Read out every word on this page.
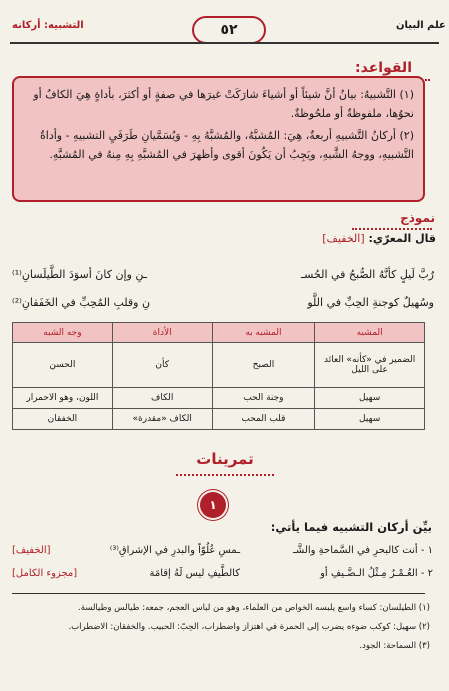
علم البيان
٥٢
التشبيه: أركانه
القواعد:
(١) التَّشبيهُ: بيانُ أنَّ شيئاً أو أشياءَ شارَكَتْ غيرَها في صفةٍ أو أكثرَ، بأداةٍ هِيَ الكافُ أو نحوُها، ملفوظةٌ أو ملحُوظةٌ.
(٢) أركانُ التَّشبيهِ أربعةٌ، هِيَ: المُشبَّهُ، والمُشبَّهُ بِهِ - وَيُسَمَّيانِ طَرَفَيِ التشبيهِ - وأداةُ التَّشبيهِ، ووجهُ الشَّبهِ، ويَجِبُ أن يَكُونَ أقوى وأظهرَ في المُشبَّهِ بِهِ مِنهُ في المُشبَّهِ.
نموذج
قال المعرّي: [الخفيف]
رُبَّ لَيلٍ كأنَّهُ الصُّبحُ في الحُسـ
ـنِ وإن كانَ أسوَدَ الطَّيلَسانِ⁽¹⁾
وسُهيلٌ كوجنةِ الحِبِّ في اللَّو
نِ وقلبِ المُحِبِّ في الخَفَقانِ⁽²⁾
المشبه	المشبه به	الأداة	وجه الشبه
الضمير في «كأنه» العائد على الليل	الصبح	كأن	الحسن
سهيل	وجنة الحب	الكاف	اللون، وهو الاحمرار
سهيل	قلب المحب	الكاف «مقدرة»	الخفقان
تمرينات
١
بيِّن أركان التشبيه فيما يأتي:
١ - أنت كالبحرِ في السَّماحةِ والشَّـ
ـمسِ عُلُوّاً والبدرِ في الإشراقِ⁽³⁾
[الخفيف]
٢ - العُـمْـرُ مِـثْلُ الـضَّـيفِ أو
كالطَّيفِ ليس لَهُ إقامَة
[مجزوء الكامل]
(١) الطيلسان: كساء واسع يلبسه الخواص من العلماء، وهو من لباس العجم، جمعه: طيالس وطيالسة.
(٢) سهيل: كوكب ضوءه يضرب إلى الحمرة في اهتزاز واضطراب، الحِبّ: الحبيب. والخفقان: الاضطراب.
(٣) السماحة: الجود.
